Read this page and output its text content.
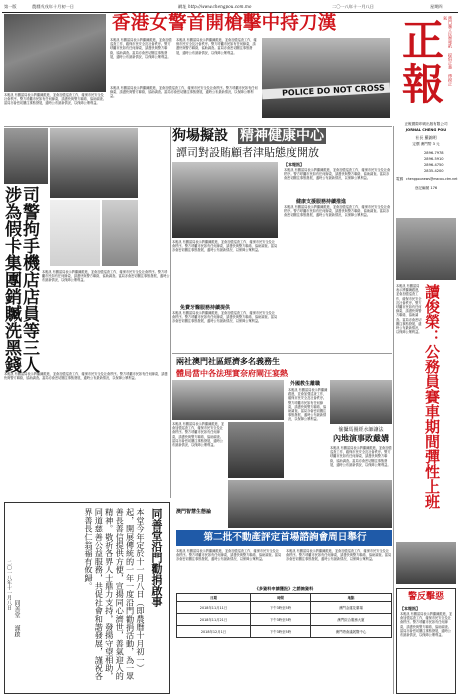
第一版	農曆戊戌年十月初一日	網址 http://www.chengpou.com.mo	二〇一八年十一月八日	星期四
本報訊 有關當局表示將繼續跟進，並會加強巡查工作，確保市民安全及社會秩序。警方呼籲市民如有任何線索，請盡快與警方聯絡，協助調查。當局亦會密切關注事態發展，適時公布最新情況，以保障公眾利益。
香港女警首開槍擊中持刀漢
本報訊 有關當局表示將繼續跟進，並會加強巡查工作，確保市民安全及社會秩序。警方呼籲市民如有任何線索，請盡快與警方聯絡，協助調查。當局亦會密切關注事態發展，適時公布最新情況，以保障公眾利益。
本報訊 有關當局表示將繼續跟進，並會加強巡查工作，確保市民安全及社會秩序。警方呼籲市民如有任何線索，請盡快與警方聯絡，協助調查。當局亦會密切關注事態發展，適時公布最新情況，以保障公眾利益。
POLICE DO NOT CROSS
本報訊 有關當局表示將繼續跟進，並會加強巡查工作，確保市民安全及社會秩序。警方呼籲市民如有任何線索，請盡快與警方聯絡，協助調查。當局亦會密切關注事態發展，適時公布最新情況，以保障公眾利益。
澳門獨立民辦報紙 提倡正義 傳揚正氣
正報
正報國際印刷出版有限公司
JORNAL CHENG POU
社長 羅錦明
定價 澳門幣 3 元
2896-7978
2896-5910
2896-4750
2835-4200
電郵 chengpounews@macau.ctm.net
登記編號 176
司警拘手機店店員等三人
涉為假卡集團銷贓洗黑錢	本報訊 有關當局表示將繼續跟進，並會加強巡查工作，確保市民安全及社會秩序。警方呼籲市民如有任何線索，請盡快與警方聯絡，協助調查。當局亦會密切關注事態發展，適時公布最新情況，以保障公眾利益。
本報訊 有關當局表示將繼續跟進，並會加強巡查工作，確保市民安全及社會秩序。警方呼籲市民如有任何線索，請盡快與警方聯絡，協助調查。當局亦會密切關注事態發展，適時公布最新情況，以保障公眾利益。
狗場擬設 精神健康中心
譚司對設賄顧者津貼態度開放
本報訊 有關當局表示將繼續跟進，並會加強巡查工作，確保市民安全及社會秩序。警方呼籲市民如有任何線索，請盡快與警方聯絡，協助調查。當局亦會密切關注事態發展，適時公布最新情況，以保障公眾利益。
免費牙醫服務持續提供
本報訊 有關當局表示將繼續跟進，並會加強巡查工作，確保市民安全及社會秩序。警方呼籲市民如有任何線索，請盡快與警方聯絡，協助調查。當局亦會密切關注事態發展，適時公布最新情況，以保障公眾利益。
【本報訊】
本報訊 有關當局表示將繼續跟進，並會加強巡查工作，確保市民安全及社會秩序。警方呼籲市民如有任何線索，請盡快與警方聯絡，協助調查。當局亦會密切關注事態發展，適時公布最新情況，以保障公眾利益。
健康支援服務持續推進
本報訊 有關當局表示將繼續跟進，並會加強巡查工作，確保市民安全及社會秩序。警方呼籲市民如有任何線索，請盡快與警方聯絡，協助調查。當局亦會密切關注事態發展，適時公布最新情況，以保障公眾利益。
讀俊榮：公務員賽車期間彈性上班
本報訊 有關當局表示將繼續跟進，並會加強巡查工作，確保市民安全及社會秩序。警方呼籲市民如有任何線索，請盡快與警方聯絡，協助調查。當局亦會密切關注事態發展，適時公布最新情況，以保障公眾利益。
兩社澳門社區經濟多名義務生
體局當中各法理實奈府閘汪宴熱
本報訊 有關當局表示將繼續跟進，並會加強巡查工作，確保市民安全及社會秩序。警方呼籲市民如有任何線索，請盡快與警方聯絡，協助調查。當局亦會密切關注事態發展，適時公布最新情況，以保障公眾利益。
外國教生離職
本報訊 有關當局表示將繼續跟進，並會加強巡查工作，確保市民安全及社會秩序。警方呼籲市民如有任何線索，請盡快與警方聯絡，協助調查。當局亦會密切關注事態發展，適時公布最新情況，以保障公眾利益。
偷攝馬圈經水師讓法
內地演事敗戴媾
本報訊 有關當局表示將繼續跟進，並會加強巡查工作，確保市民安全及社會秩序。警方呼籲市民如有任何線索，請盡快與警方聯絡，協助調查。當局亦會密切關注事態發展，適時公布最新情況，以保障公眾利益。
澳門智慧生態論
同善堂沿門勸捐啟事
本堂今年定於十一月八日（即農曆十月初一）起，開展傳統的一年一度沿門勸捐活動，為一眾善長善信提供方便，宣揚同心濟世，善氣迎人的精神。敬祈各界人士鼎力支持，發揚守望相助，同道慈善公益服務，共促社會和諧發展，謹祝各界善長仁翁福有攸歸。
同善堂 謹啟
二〇一八年十一月八日
第二批不動產評定首場諮詢會周日舉行
本報訊 有關當局表示將繼續跟進，並會加強巡查工作，確保市民安全及社會秩序。警方呼籲市民如有任何線索，請盡快與警方聯絡，協助調查。當局亦會密切關注事態發展，適時公布最新情況，以保障公眾利益。
本報訊 有關當局表示將繼續跟進，並會加強巡查工作，確保市民安全及社會秩序。警方呼籲市民如有任何線索，請盡快與警方聯絡，協助調查。當局亦會密切關注事態發展，適時公布最新情況，以保障公眾利益。
《多資料申請獲批》之諮詢資料
日期	時間	地點
2018年11月11日	下午3時至5時	澳門金蓮花廣場
2018年11月21日	下午3時至5時	澳門綜合服務大廈
2018年12月1日	下午3時至5時	澳門塔會議展覽中心
警反擊惡
【本報訊】
本報訊 有關當局表示將繼續跟進，並會加強巡查工作，確保市民安全及社會秩序。警方呼籲市民如有任何線索，請盡快與警方聯絡，協助調查。當局亦會密切關注事態發展，適時公布最新情況，以保障公眾利益。
